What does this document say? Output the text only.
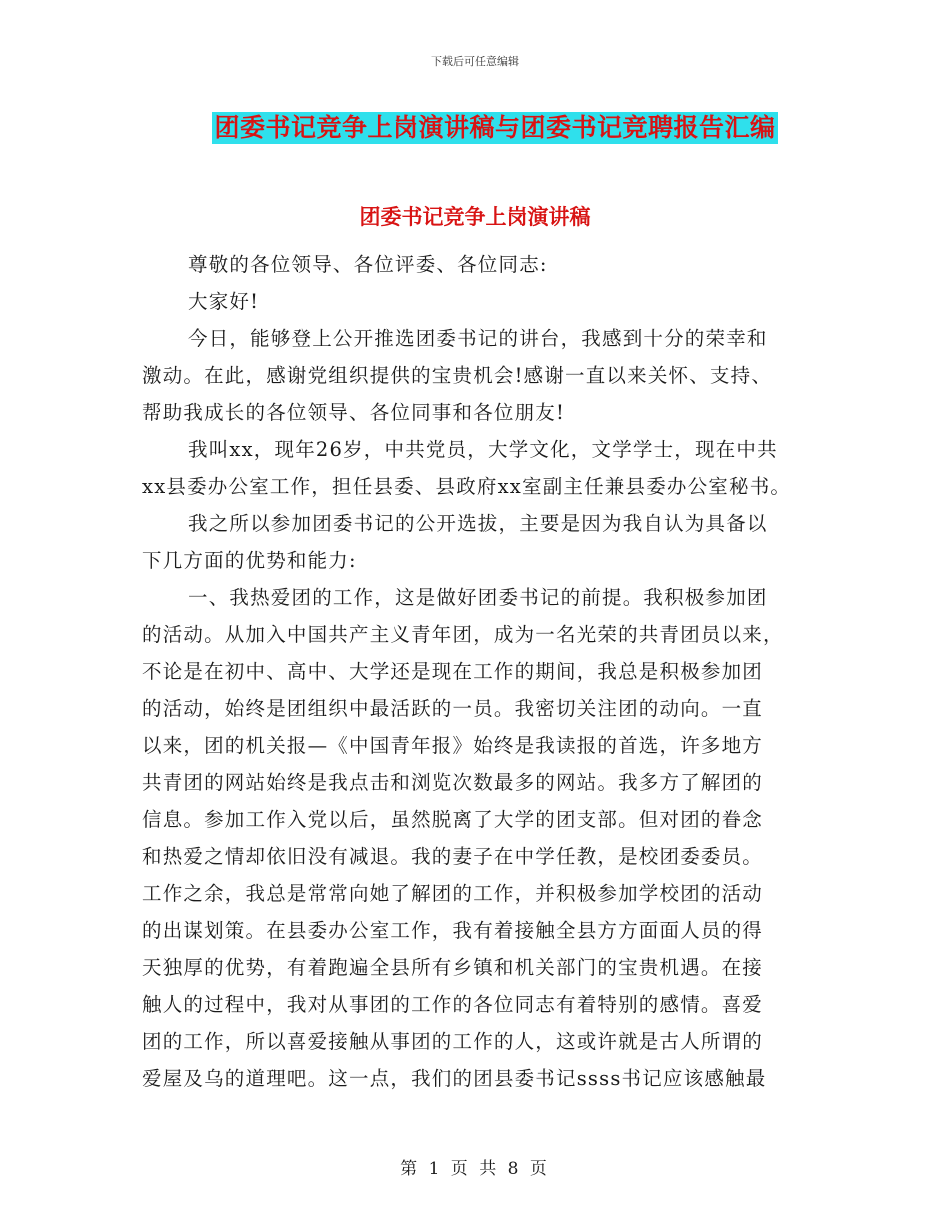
下载后可任意编辑
团委书记竞争上岗演讲稿与团委书记竞聘报告汇编
团委书记竞争上岗演讲稿
尊敬的各位领导、各位评委、各位同志:
大家好!
今日，能够登上公开推选团委书记的讲台，我感到十分的荣幸和
激动。在此，感谢党组织提供的宝贵机会!感谢一直以来关怀、支持、
帮助我成长的各位领导、各位同事和各位朋友!
我叫xx，现年26岁，中共党员，大学文化，文学学士，现在中共
xx县委办公室工作，担任县委、县政府xx室副主任兼县委办公室秘书。
我之所以参加团委书记的公开选拔，主要是因为我自认为具备以
下几方面的优势和能力:
一、我热爱团的工作，这是做好团委书记的前提。我积极参加团
的活动。从加入中国共产主义青年团，成为一名光荣的共青团员以来，
不论是在初中、高中、大学还是现在工作的期间，我总是积极参加团
的活动，始终是团组织中最活跃的一员。我密切关注团的动向。一直
以来，团的机关报—《中国青年报》始终是我读报的首选，许多地方
共青团的网站始终是我点击和浏览次数最多的网站。我多方了解团的
信息。参加工作入党以后，虽然脱离了大学的团支部。但对团的眷念
和热爱之情却依旧没有减退。我的妻子在中学任教，是校团委委员。
工作之余，我总是常常向她了解团的工作，并积极参加学校团的活动
的出谋划策。在县委办公室工作，我有着接触全县方方面面人员的得
天独厚的优势，有着跑遍全县所有乡镇和机关部门的宝贵机遇。在接
触人的过程中，我对从事团的工作的各位同志有着特别的感情。喜爱
团的工作，所以喜爱接触从事团的工作的人，这或许就是古人所谓的
爱屋及乌的道理吧。这一点，我们的团县委书记ssss书记应该感触最
第 1 页 共 8 页
